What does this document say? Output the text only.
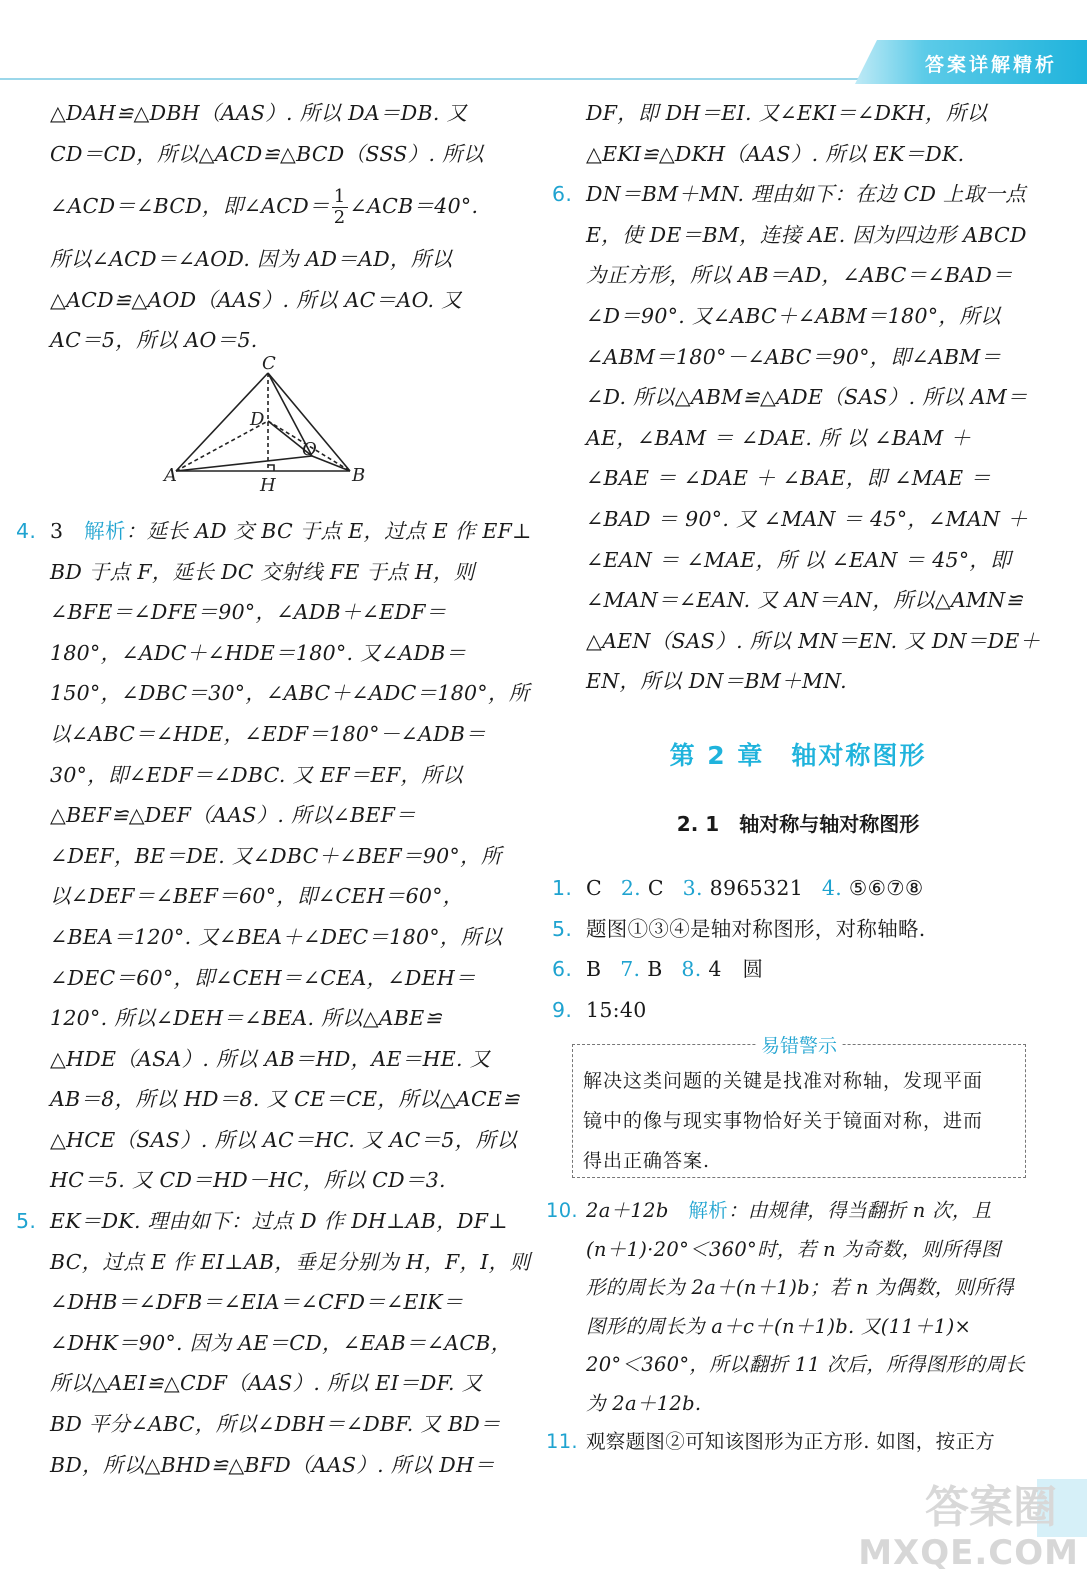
答案详解精析
△DAH≌△DBH（AAS）. 所以 DA＝DB. 又
CD＝CD，所以△ACD≌△BCD（SSS）. 所以
∠ACD＝∠BCD，即∠ACD＝ $\frac{1}{2}$ ∠ACB＝40°.
所以∠ACD＝∠AOD. 因为 AD＝AD，所以
△ACD≌△AOD（AAS）. 所以 AC＝AO. 又
AC＝5，所以 AO＝5.
C
D
A	H
O
B
4. 3　 解析：延长 AD 交 BC 于点 E，过点 E 作 EF⊥
BD 于点 F，延长 DC 交射线 FE 于点 H，则
∠BFE＝∠DFE＝90°，∠ADB＋∠EDF＝
180°，∠ADC＋∠HDE＝180°. 又∠ADB＝
150°，∠DBC＝30°，∠ABC＋∠ADC＝180°，所
以∠ABC＝∠HDE，∠EDF＝180°－∠ADB＝
30°，即∠EDF＝∠DBC. 又 EF＝EF，所以
△BEF≌△DEF（AAS）. 所以∠BEF＝
∠DEF，BE＝DE. 又∠DBC＋∠BEF＝90°，所
以∠DEF＝∠BEF＝60°，即∠CEH＝60°，
∠BEA＝120°. 又∠BEA＋∠DEC＝180°，所以
∠DEC＝60°，即∠CEH＝∠CEA，∠DEH＝
120°. 所以∠DEH＝∠BEA. 所以△ABE≌
△HDE（ASA）. 所以 AB＝HD，AE＝HE. 又
AB＝8，所以 HD＝8. 又 CE＝CE，所以△ACE≌
△HCE（SAS）. 所以 AC＝HC. 又 AC＝5，所以
HC＝5. 又 CD＝HD－HC，所以 CD＝3.
5. EK＝DK. 理由如下：过点 D 作 DH⊥AB，DF⊥
BC，过点 E 作 EI⊥AB，垂足分别为 H，F，I，则
∠DHB＝∠DFB＝∠EIA＝∠CFD＝∠EIK＝
∠DHK＝90°. 因为 AE＝CD，∠EAB＝∠ACB，
所以△AEI≌△CDF（AAS）. 所以 EI＝DF. 又
BD 平分∠ABC，所以∠DBH＝∠DBF. 又 BD＝
BD，所以△BHD≌△BFD（AAS）. 所以 DH＝
DF，即 DH＝EI. 又∠EKI＝∠DKH，所以
△EKI≌△DKH（AAS）. 所以 EK＝DK.
6. DN＝BM＋MN. 理由如下：在边 CD 上取一点
E，使 DE＝BM，连接 AE. 因为四边形 ABCD
为正方形，所以 AB＝AD，∠ABC＝∠BAD＝
∠D＝90°. 又∠ABC＋∠ABM＝180°，所以
∠ABM＝180°－∠ABC＝90°，即∠ABM＝
∠D. 所以△ABM≌△ADE（SAS）. 所以 AM＝
AE，∠BAM ＝ ∠DAE. 所 以 ∠BAM ＋
∠BAE ＝ ∠DAE ＋ ∠BAE，即 ∠MAE ＝
∠BAD ＝ 90°. 又 ∠MAN ＝ 45°，∠MAN ＋
∠EAN ＝ ∠MAE，所 以 ∠EAN ＝ 45°，即
∠MAN＝∠EAN. 又 AN＝AN，所以△AMN≌
△AEN（SAS）. 所以 MN＝EN. 又 DN＝DE＋
EN，所以 DN＝BM＋MN.
第 2 章　轴对称图形
2. 1　轴对称与轴对称图形
1. C 2. C 3. 8965321 4. ⑤⑥⑦⑧
5. 题图①③④是轴对称图形，对称轴略.
6. B 7. B 8. 4　圆
9. 15:40
易错警示
解决这类问题的关键是找准对称轴，发现平面
镜中的像与现实事物恰好关于镜面对称，进而
得出正确答案.
10. 2a＋12b　 解析：由规律，得当翻折 n 次，且
(n＋1)·20°＜360°时，若 n 为奇数，则所得图
形的周长为 2a＋(n＋1)b；若 n 为偶数，则所得
图形的周长为 a＋c＋(n＋1)b. 又(11＋1)×
20°＜360°，所以翻折 11 次后，所得图形的周长
为 2a＋12b.
11. 观察题图②可知该图形为正方形. 如图，按正方
答案圈
MXQE.COM
